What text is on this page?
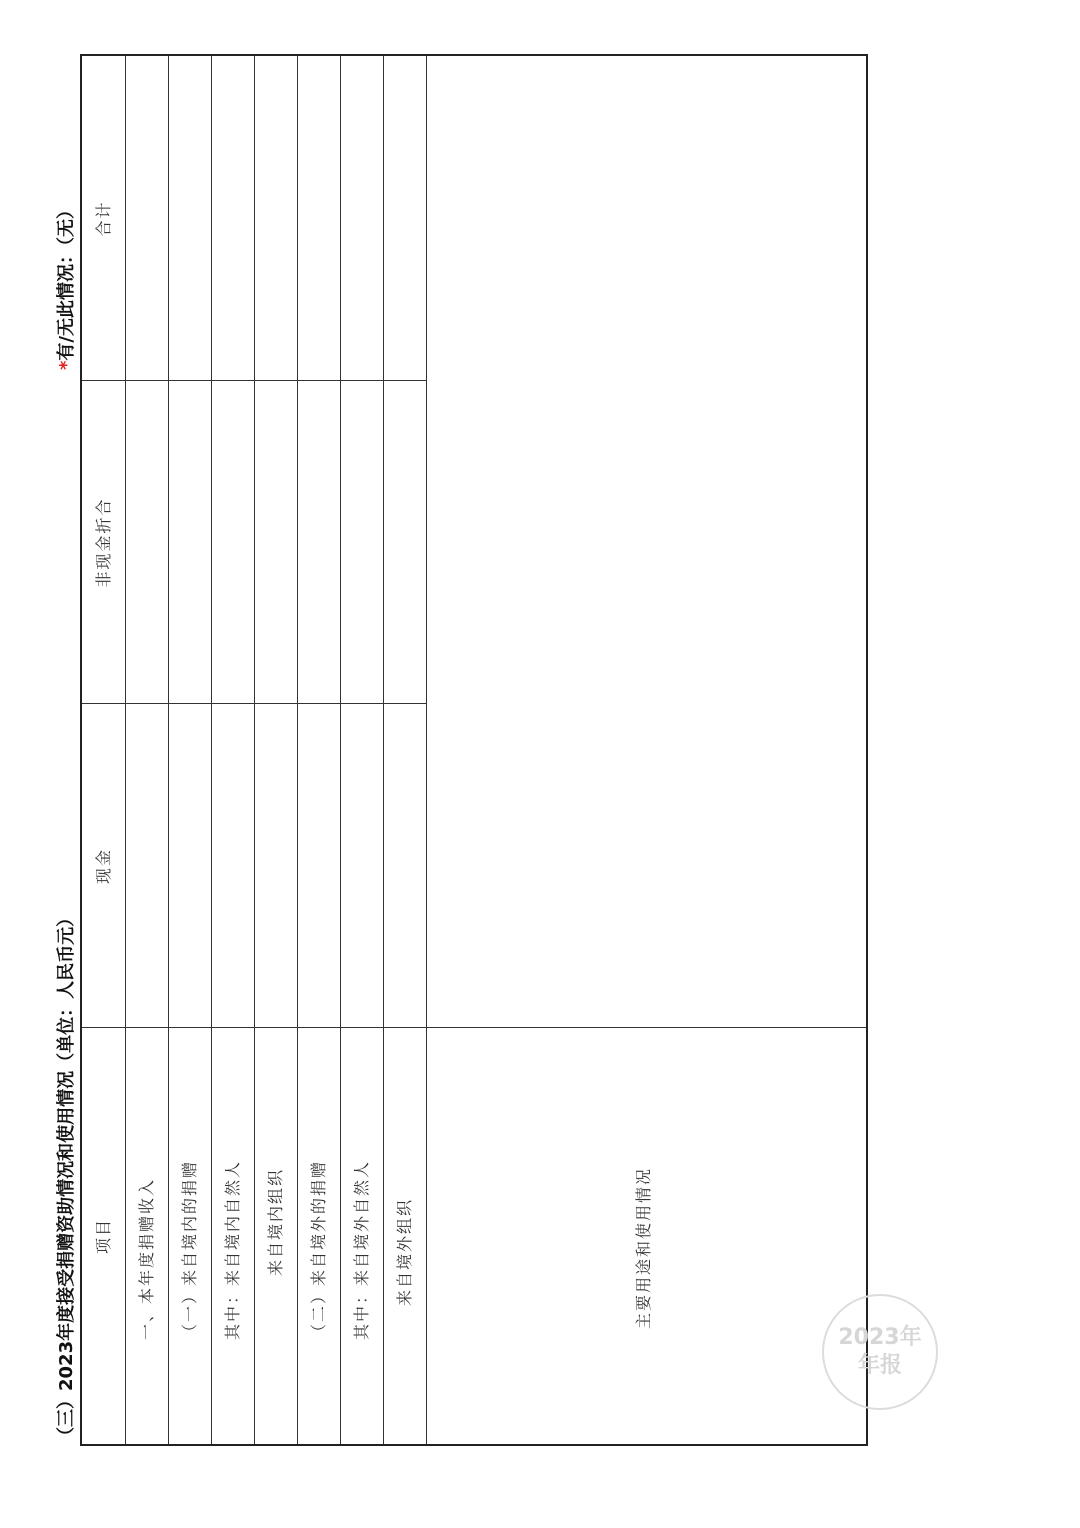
（三）2023年度接受捐赠资助情况和使用情况（单位：人民币元）
*有/无此情况：（无）
项目
现金
非现金折合
合计
一、本年度捐赠收入 （一）来自境内的捐赠 其中：来自境内自然人 来自境内组织 （二）来自境外的捐赠 其中：来自境外自然人 来自境外组织	主要用途和使用情况
2023年
年报
